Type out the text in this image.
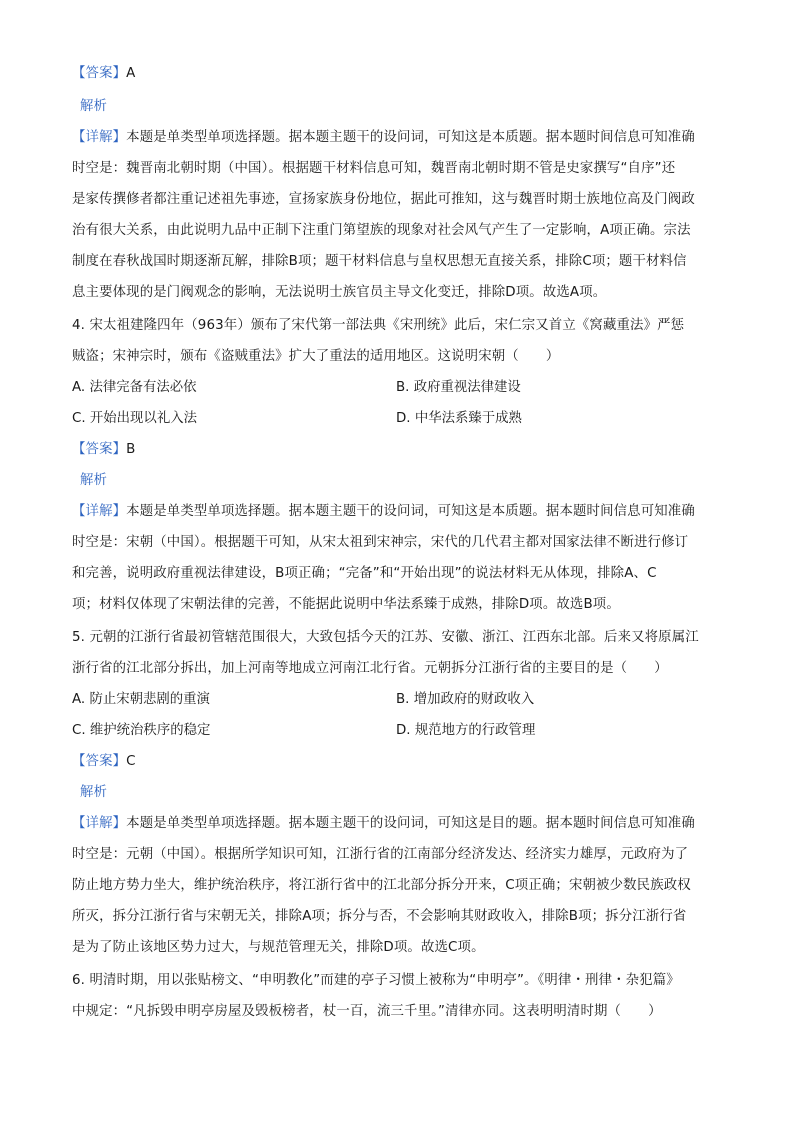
【答案】A
解析
【详解】本题是单类型单项选择题。据本题主题干的设问词，可知这是本质题。据本题时间信息可知准确
时空是：魏晋南北朝时期（中国）。根据题干材料信息可知，魏晋南北朝时期不管是史家撰写“自序”还
是家传撰修者都注重记述祖先事迹，宣扬家族身份地位，据此可推知，这与魏晋时期士族地位高及门阀政
治有很大关系，由此说明九品中正制下注重门第望族的现象对社会风气产生了一定影响，A项正确。宗法
制度在春秋战国时期逐渐瓦解，排除B项；题干材料信息与皇权思想无直接关系，排除C项；题干材料信
息主要体现的是门阀观念的影响，无法说明士族官员主导文化变迁，排除D项。故选A项。
4. 宋太祖建隆四年（963年）颁布了宋代第一部法典《宋刑统》此后，宋仁宗又首立《窝藏重法》严惩
贼盗；宋神宗时，颁布《盗贼重法》扩大了重法的适用地区。这说明宋朝（　　）
A. 法律完备有法必依	B. 政府重视法律建设
C. 开始出现以礼入法	D. 中华法系臻于成熟
【答案】B
解析
【详解】本题是单类型单项选择题。据本题主题干的设问词，可知这是本质题。据本题时间信息可知准确
时空是：宋朝（中国）。根据题干可知，从宋太祖到宋神宗，宋代的几代君主都对国家法律不断进行修订
和完善，说明政府重视法律建设，B项正确；“完备”和“开始出现”的说法材料无从体现，排除A、C
项；材料仅体现了宋朝法律的完善，不能据此说明中华法系臻于成熟，排除D项。故选B项。
5. 元朝的江浙行省最初管辖范围很大，大致包括今天的江苏、安徽、浙江、江西东北部。后来又将原属江
浙行省的江北部分拆出，加上河南等地成立河南江北行省。元朝拆分江浙行省的主要目的是（　　）
A. 防止宋朝悲剧的重演	B. 增加政府的财政收入
C. 维护统治秩序的稳定	D. 规范地方的行政管理
【答案】C
解析
【详解】本题是单类型单项选择题。据本题主题干的设问词，可知这是目的题。据本题时间信息可知准确
时空是：元朝（中国）。根据所学知识可知，江浙行省的江南部分经济发达、经济实力雄厚，元政府为了
防止地方势力坐大，维护统治秩序，将江浙行省中的江北部分拆分开来，C项正确；宋朝被少数民族政权
所灭，拆分江浙行省与宋朝无关，排除A项；拆分与否，不会影响其财政收入，排除B项；拆分江浙行省
是为了防止该地区势力过大，与规范管理无关，排除D项。故选C项。
6. 明清时期，用以张贴榜文、“申明教化”而建的亭子习惯上被称为“申明亭”。《明律・刑律・杂犯篇》
中规定：“凡拆毁申明亭房屋及毁板榜者，杖一百，流三千里。”清律亦同。这表明明清时期（　　）
